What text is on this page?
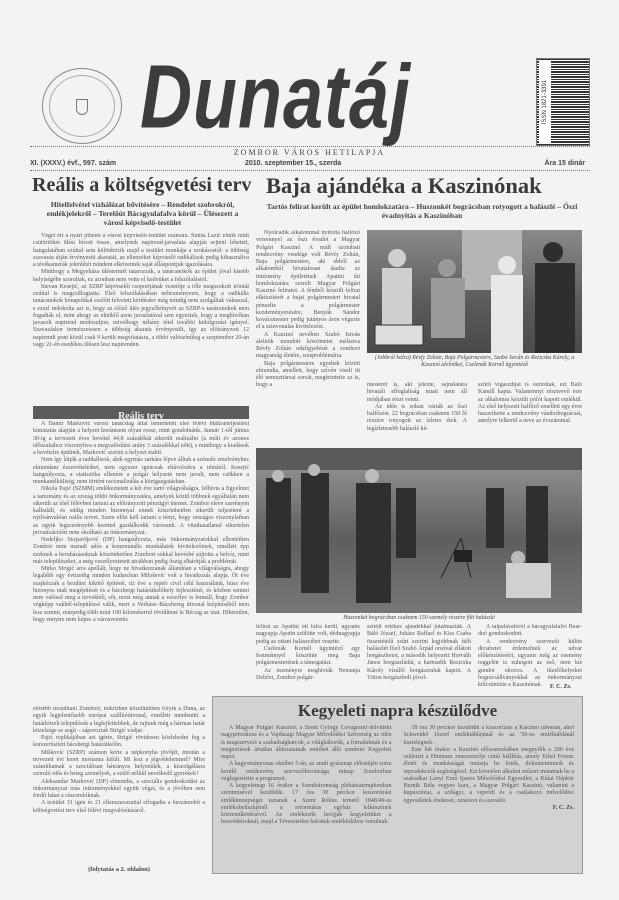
Dunatáj	ISSN 1821-3391
ZOMBOR VÁROS HETILAPJA
XI. (XXXV.) évf., 597. szám	2010. szeptember 15., szerda	Ára 15 dinár
Reális a költségvetési terv
Hitelfelvétel vízhálózat bővítésére – Rendelet szobrokról, emlékjelekről – Terelőút Bácsgyulafalva körül – Ülésezett a városi képviselő-testület

Véget ért a nyári pihenő a városi képviselő-testület számára. Siniša Lazić elnök múlt csütörtökre ülést hívott össze, amelynek napirend-javaslata alapján sejteni lehetett, hangulatában ezúttal sem különbözik majd a testület munkája a szokásostól: a többség szavazás útján érvényesíti akaratát, az ellenzéket képviselő radikálisok pedig kihasználva a tévékamerák jelenlétét mindent elkövetnek saját álláspontjuk igazolására.

Minthogy a Megyeháza üléstermét tatarozzák, a tanácsnokok az épület jóval kisebb helyiségébe szorultak, ez azonban nem vette el kedvüket a felszólalástól.

Stevan Kesejić, az SZRP képviselői csoportjának vezetője a tőle megszokott iróniát ezúttal is megcsillogtatta. Első felszólalásában nehezményezte, hogy a radikális tanácsnokok hónapokkal ezelőtt felvetett kérdésére még mindig nem szolgáltak válasszal, s ezzel indokolta azt is, hogy az előző ülés jegyzőkönyvét az SZRP-s tanácsnokok nem fogadták el, mint ahogy az elnöklő azon javaslatával sem egyeztek, hogy a meghívóban javasolt napirend módosuljon, mivelhogy néhány tétel további kidolgozást igényel. Szavazáskor természetesen a többség akarata érvényesült, így az előirányzott 12 napirendi pont közül csak 9 került megvitatásra, a többi valószínűleg a szeptember 20-án vagy 21-én esedékes ülésen lesz napirenden.

Reális terv

A Damir Marković városi tanácstag által ismertetett első félévi büdzsételjesítési kimutatás alapján a helyzet korántsem olyan rossz, mint gondolnánk. Január 1-től június 30-ig a tervezett éves bevétel 44,8 százalékát sikerült realizálni (a múlt év azonos időszakához viszonyítva a megvalósítási arány 3 százalékkal nőtt), s minthogy a kiadások a bevételre épülnek, Marković szerint a helyzet stabil.

Nem így látják a radikálisok, akik egymás sarkára lépve álltak a szónoki emelvényhez elmondani észrevételeiket, nem egyszer igencsak eltávolodva a témától. Kesejić hangsúlyozta, a statisztika ellenére a polgár helyzete nem javult, nem csökken a munkanélküliség, nem történt racionalizálás a közigazgatásban.

Nikola Pajić (SZMM) emlékeztetett a két éve tartó világválságra, felhívta a figyelmet a tartomány és az ország többi önkormányzatára, amelyek közül többnek egyáltalán nem sikerült az első félévben tartani az előirányzott pénzügyi ütemet. Zombor eleve szerényen kalkulált, és eddig minden bizonnyal ennek köszönhetően sikerült teljesíteni a nyilvánvalóan reális tervet. Szem előtt kell tartani a tényt, hogy országos viszonylatban az egyik legszerényebb kerettel gazdálkodik városunk. A vitathatatlanul sikertelen privatizációért nem okolható az önkormányzat.

Nedeljko Stojsavljević (DP) hangsúlyozta, más önkormányzatokkal ellentétben Zombor nem maradt adós a kommunális munkálatok kivitelezőinek, emellett épp ezeknek a beruházásoknak köszönhetően Zombort sokkal kevésbé sújtotta a belvíz, mint más településeket, a még veszélyeztetett utcákban pedig őszig elhárítják a problémát.

Mirko Strigić arra apellált, hogy ne hivatkozzanak állandóan a világválságra, ahogy legalább egy évtizedig minden kudarcban Milošević volt a hivatkozás alapja. Öt éve szajkózzák a bezdáni kikötő építését, tíz éve a reptér civil célú használatát, húsz éve bizonyos utak megépítését és a bácsbergi határátkelőhely fejlesztését, és közben semmi nem valósul meg a tervekből, sőt, most még annak a veszélye is fennáll, hogy Zombor végképp vakbél-településsé válik, mert a Verbász–Bácsbereg útvonal kiépítéséből nem lesz semmi, márpedig több mint 100 kilométerrel rövidítené le Bécsig az utat. Hihetetlen, hogy ennyire nem képes a városvezetés

előrébb mozdítani Zombort, miközben közelünkben folyik a Duna, az egyik legjelentősebb európai szállítóútvonal, emellett mindenütt a határközeli települések a legfejlettebbek, de rajtunk még a hármas határ közelsége se segít – záporoztak Strigić vádjai.

Pajić replikájában azt ígérte, Strigić rövidesen közlekedni fog a korszerűsített bácsbergi határátkelőn.

Mišković (SZRP) számon kérte a népkonyha jövőjét, miután a tervezett évi keret mostanra kifúlt. Mi lesz a jégvédelemmel? Mire számíthatnak a szociálisan hátrányos helyzetűek, a kiszolgálásra szoruló idős és beteg személyek, a szülő nélkül nevelkedő gyerekek?

Aleksandar Marković (DP) elmondta, a szociális gondoskodást az önkormányzat más intézményekkel együtt végzi, és a jövőben sem fordít hátat a rászorulóknak.

A testület 31 igen és 21 ellenszavazattal elfogadta a beszámolót a költségvetési terv első félévi megvalósításáról.

(folytatás a 2. oldalon)
Baja ajándéka a Kaszinónak
Tartós felirat került az épület homlokzatára – Huszonkét bográcsban rotyogott a halászlé – Őszi évadnyitás a Kaszinóban

Nyolcadik alkalommal nyitotta halfőző versennyel az őszi évadot a Magyar Polgári Kaszinó. A múlt szombati rendezvény vendége volt Révfy Zoltán, Baja polgármestere, aki ebből az alkalomból hivatalosan átadta az intézmény épületének Apatini úti homlokzatára szerelt Magyar Polgári Kaszinó feliratot. A fémből készült felirat elkészítését a bajai polgármesteri hivatal pénzelte a polgármester kezdeményezésére, Benyák Sándor kovácsmester pedig jutányos áron végezte el a színvonalas kivitelezést.

A Kaszinó nevében Szabó István alelnök mondott köszönetet méltatva Révfy Zoltán odafigyelését a zombori magyarság életére, sorsproblémáira.

Baja polgármestere egyebek között elmondta, amellett, hogy szívén viseli itt élő nemzettársai sorsát, megérintette az is, hogy a

(Jobbról balra) Révfy Zoltán, Baja Polgármestere, Szabó István és Rezicska Károly, a Kaszinó alelnökei, Cselenák Kornél ügyintéző

mesterét is, aki jelezte, sajnálatára hivatali elfoglaltság miatt nem áll módjában részt venni.

Az idén is sokan várták az őszi halfőzést. 22 bográcsban csaknem 150 fő részére rotyogott az ízletes étek. A legízletesebb halászlé ké-

szítői vigaszdíjat is osztottak, ezt Báló Kamill kapta. Valamennyi résztvevő erre az alkalomra készült pólót kapott emlékül. Az első helyezett halfőző emellett egy évre hazavihette a rendezvény vándorbográcsát, amelyre felkerül a neve az évszámmal.

Huszonkét bográcsban csaknem 150 személy részére főtt halászlé

felirat az Apatini úti fálra kerül, ugyanis nagyapja Apatin szülötte volt, dédnagyapja pedig az ottani halászcéhet vezette.

Cselenák Kornél ügyintéző egy festménnyel köszönte meg Baja polgármesterének a támogatást.

Az eseményre meghívták Nemanja Delićet, Zombor polgár-

szítőit értékes ajándékkal jutalmazták. A Báló József, Juhász Raffael és Kiss Csaba összetételű zsűri szerint legjobbnak ítélt halászlét főző Szabó Árpád orsóval ellátott horgászbotot, a második helyezett Horváth János horgászládát, a harmadik Rezicska Károly vízálló horgászruhát kapott. A Triton horgászbolt jóvol-

A talpalávalóról a bácsgyulafalvi Bear-duó gondoskodott.

A rendezvény szervezői külön dicséretet érdemelnek az udvar előkészítéséért, ugyanis még az esemény reggelén is zuhogott az eső, nem kis gondot okozva. A tűzelőhelyeket bográcsállványokkal az önkormányzat kölcsönözte a Kaszinónak.	F. C. Zs.
Kegyeleti napra készülődve

A Magyar Polgári Kaszinó, a Szent György Lovagrend délvidéki nagypriorátusa és a Vajdasági Magyar Művelődési Szövetség az idén is megszervezi a szabadságharcok, a világháborúk, a forradalmak és a megtorlások ártatlan áldozatainak emlékét álló zombori Kegyeleti napot.

A hagyományosan október 5-én, az aradi gyásznap előestéjén sorra kerülő rendezvény szervezőbizottsága minap Zomborban véglegesítette a programot.

A kegyeletnap 16 órakor a Szentháromság plébániatemplomban szentmisével kezdődik. 17 óra 30 perckor koszorúzási emlékünnepséget tartanak a Szent Rókus temető 1848/49-es emlékobeliszkjénél a református egyház lelkészének közreműködésével. Az emlékezők lerójják kegyeletüket a honvédsíroknál, majd a Tévesztetlen halottak emlékfalához vonulnak.

18 óra 30 perckor kezdődik a koszorúzás a Kaszinó udvarán, ahol Schweidel József emléktáblájánál és az '56-os emléktáblánál tisztelegnek.

Este hét órakor a Kaszinó előcsarnokában megnyílik a 200 éve született a Himnusz zeneszerzője című kiállítás, amely Erkel Ferenc életét és munkásságát mutatja be fotók, dokumentumok és reprodukciók segítségével. Ezt követően alkalmi műsort mutatnak be a szabadkai Lányi Ernő Iparos Művelődési Egyesület, a Kúlai Népkör Burnik Béla vegyes kara, a Magyar Polgári Kaszinó, valamint a kupusziniai, a szilágyi, a vepródi és a csatlakozó művelődési egyesületek énekesei, zenészei és szavalói.

F. C. Zs.
